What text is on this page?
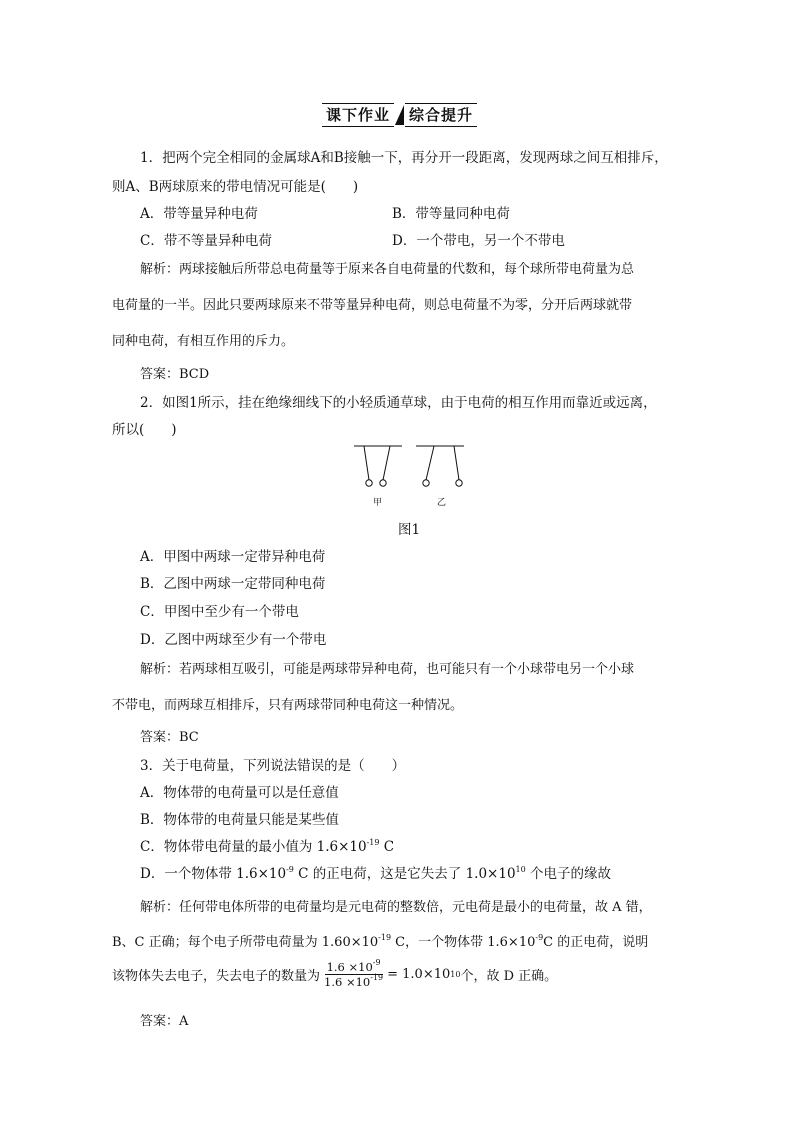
课下作业 综合提升
1．把两个完全相同的金属球A和B接触一下，再分开一段距离，发现两球之间互相排斥，
则A、B两球原来的带电情况可能是(　　)
A．带等量异种电荷	B．带等量同种电荷
C．带不等量异种电荷	D．一个带电，另一个不带电
解析：两球接触后所带总电荷量等于原来各自电荷量的代数和，每个球所带电荷量为总
电荷量的一半。因此只要两球原来不带等量异种电荷，则总电荷量不为零，分开后两球就带
同种电荷，有相互作用的斥力。
答案：BCD
2．如图1所示，挂在绝缘细线下的小轻质通草球，由于电荷的相互作用而靠近或远离，
所以(　　)
甲	乙
图1
A．甲图中两球一定带异种电荷
B．乙图中两球一定带同种电荷
C．甲图中至少有一个带电
D．乙图中两球至少有一个带电
解析：若两球相互吸引，可能是两球带异种电荷，也可能只有一个小球带电另一个小球
不带电，而两球互相排斥，只有两球带同种电荷这一种情况。
答案：BC
3．关于电荷量，下列说法错误的是（　　）
A．物体带的电荷量可以是任意值
B．物体带的电荷量只能是某些值
C．物体带电荷量的最小值为 $1.6\times 10^{-19}$ C
D．一个物体带 $1.6\times 10^{-9}$ C 的正电荷，这是它失去了 $1.0\times 10^{10}$ 个电子的缘故
解析：任何带电体所带的电荷量均是元电荷的整数倍，元电荷是最小的电荷量，故 A 错，
B、C 正确；每个电子所带电荷量为 $1.60\times 10^{-19}$ C，一个物体带 $1.6\times 10^{-9}C$ 的正电荷，说明
该物体失去电子，失去电子的数量为 $\frac{1.6 \times 10^{-9}}{1.6 \times 10^{-19}} = 1.0\times 10$ 10 个，故 D 正确。
答案：A
